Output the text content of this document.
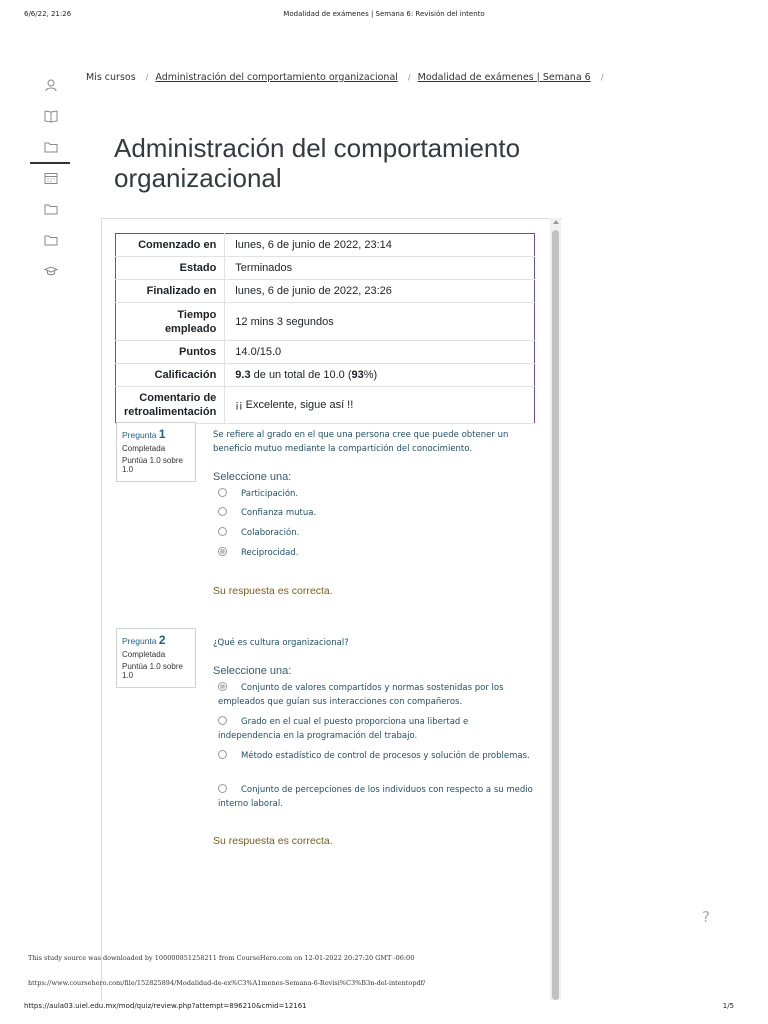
6/6/22, 21:26	Modalidad de exámenes | Semana 6: Revisión del intento
Mis cursos / Administración del comportamiento organizacional / Modalidad de exámenes | Semana 6 /
Administración del comportamiento organizacional
Comenzado en	lunes, 6 de junio de 2022, 23:14
Estado	Terminados
Finalizado en	lunes, 6 de junio de 2022, 23:26
Tiempo empleado	12 mins 3 segundos
Puntos	14.0/15.0
Calificación	9.3 de un total de 10.0 (93%)
Comentario de retroalimentación	¡¡ Excelente, sigue así !!
Pregunta 1
Completada
Puntúa 1.0 sobre 1.0
Se refiere al grado en el que una persona cree que puede obtener un beneficio mutuo mediante la compartición del conocimiento.
Seleccione una:
Participación.
Confianza mutua.
Colaboración.
Reciprocidad.
Su respuesta es correcta.
Pregunta 2
Completada
Puntúa 1.0 sobre 1.0
¿Qué es cultura organizacional?
Seleccione una:
Conjunto de valores compartidos y normas sostenidas por los empleados que guían sus interacciones con compañeros.
Grado en el cual el puesto proporciona una libertad e independencia en la programación del trabajo.
Método estadístico de control de procesos y solución de problemas.
Conjunto de percepciones de los individuos con respecto a su medio interno laboral.
Su respuesta es correcta.
?
This study source was downloaded by 100000851258211 from CourseHero.com on 12-01-2022 20:27:20 GMT -06:00
https://www.coursehero.com/file/152825894/Modalidad-de-ex%C3%A1menes-Semana-6-Revisi%C3%B3n-del-intentopdf/
https://aula03.uiel.edu.mx/mod/quiz/review.php?attempt=896210&cmid=12161	1/5
